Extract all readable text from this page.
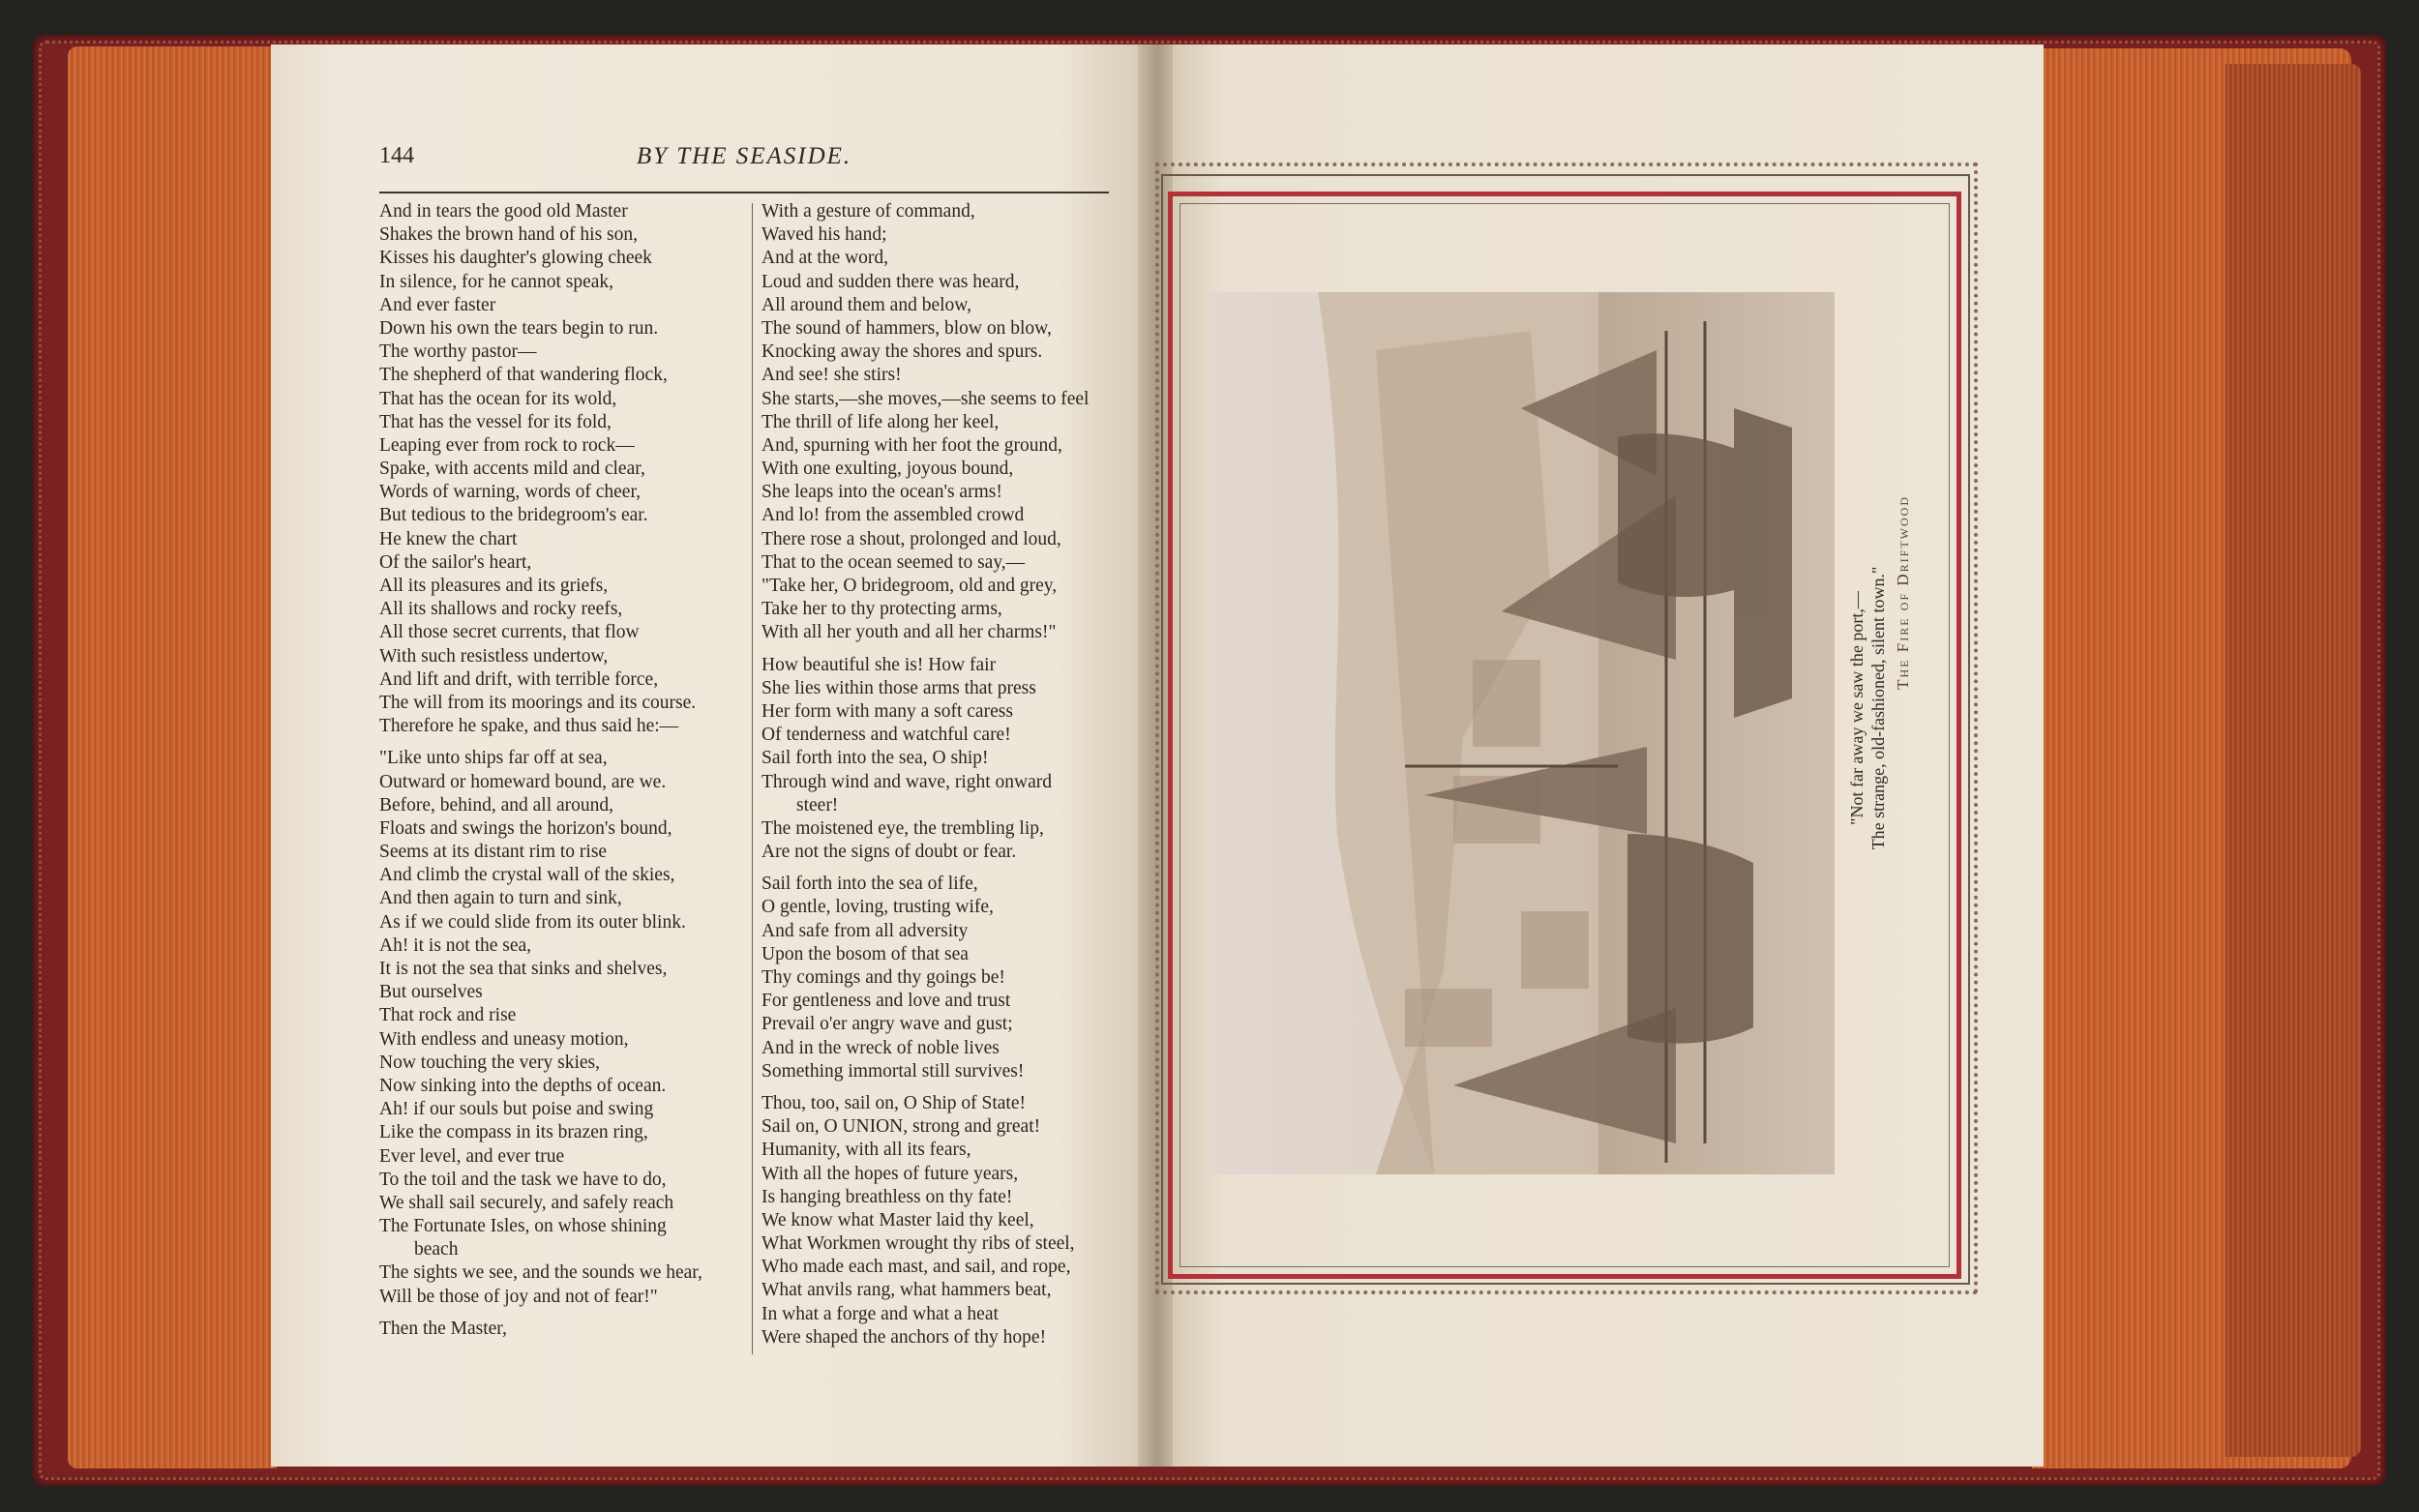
144	BY THE SEASIDE.
And in tears the good old Master
Shakes the brown hand of his son,
Kisses his daughter's glowing cheek
In silence, for he cannot speak,
And ever faster
Down his own the tears begin to run.
The worthy pastor—
The shepherd of that wandering flock,
That has the ocean for its wold,
That has the vessel for its fold,
Leaping ever from rock to rock—
Spake, with accents mild and clear,
Words of warning, words of cheer,
But tedious to the bridegroom's ear.
He knew the chart
Of the sailor's heart,
All its pleasures and its griefs,
All its shallows and rocky reefs,
All those secret currents, that flow
With such resistless undertow,
And lift and drift, with terrible force,
The will from its moorings and its course.
Therefore he spake, and thus said he:—
"Like unto ships far off at sea,
Outward or homeward bound, are we.
Before, behind, and all around,
Floats and swings the horizon's bound,
Seems at its distant rim to rise
And climb the crystal wall of the skies,
And then again to turn and sink,
As if we could slide from its outer blink.
Ah! it is not the sea,
It is not the sea that sinks and shelves,
But ourselves
That rock and rise
With endless and uneasy motion,
Now touching the very skies,
Now sinking into the depths of ocean.
Ah! if our souls but poise and swing
Like the compass in its brazen ring,
Ever level, and ever true
To the toil and the task we have to do,
We shall sail securely, and safely reach
The Fortunate Isles, on whose shining
beach
The sights we see, and the sounds we hear,
Will be those of joy and not of fear!"
Then the Master,
With a gesture of command,
Waved his hand;
And at the word,
Loud and sudden there was heard,
All around them and below,
The sound of hammers, blow on blow,
Knocking away the shores and spurs.
And see! she stirs!
She starts,—she moves,—she seems to feel
The thrill of life along her keel,
And, spurning with her foot the ground,
With one exulting, joyous bound,
She leaps into the ocean's arms!
And lo! from the assembled crowd
There rose a shout, prolonged and loud,
That to the ocean seemed to say,—
"Take her, O bridegroom, old and grey,
Take her to thy protecting arms,
With all her youth and all her charms!"
How beautiful she is! How fair
She lies within those arms that press
Her form with many a soft caress
Of tenderness and watchful care!
Sail forth into the sea, O ship!
Through wind and wave, right onward
steer!
The moistened eye, the trembling lip,
Are not the signs of doubt or fear.
Sail forth into the sea of life,
O gentle, loving, trusting wife,
And safe from all adversity
Upon the bosom of that sea
Thy comings and thy goings be!
For gentleness and love and trust
Prevail o'er angry wave and gust;
And in the wreck of noble lives
Something immortal still survives!
Thou, too, sail on, O Ship of State!
Sail on, O UNION, strong and great!
Humanity, with all its fears,
With all the hopes of future years,
Is hanging breathless on thy fate!
We know what Master laid thy keel,
What Workmen wrought thy ribs of steel,
Who made each mast, and sail, and rope,
What anvils rang, what hammers beat,
In what a forge and what a heat
Were shaped the anchors of thy hope!
"Not far away we saw the port,— The strange, old-fashioned, silent town." The Fire of Driftwood
